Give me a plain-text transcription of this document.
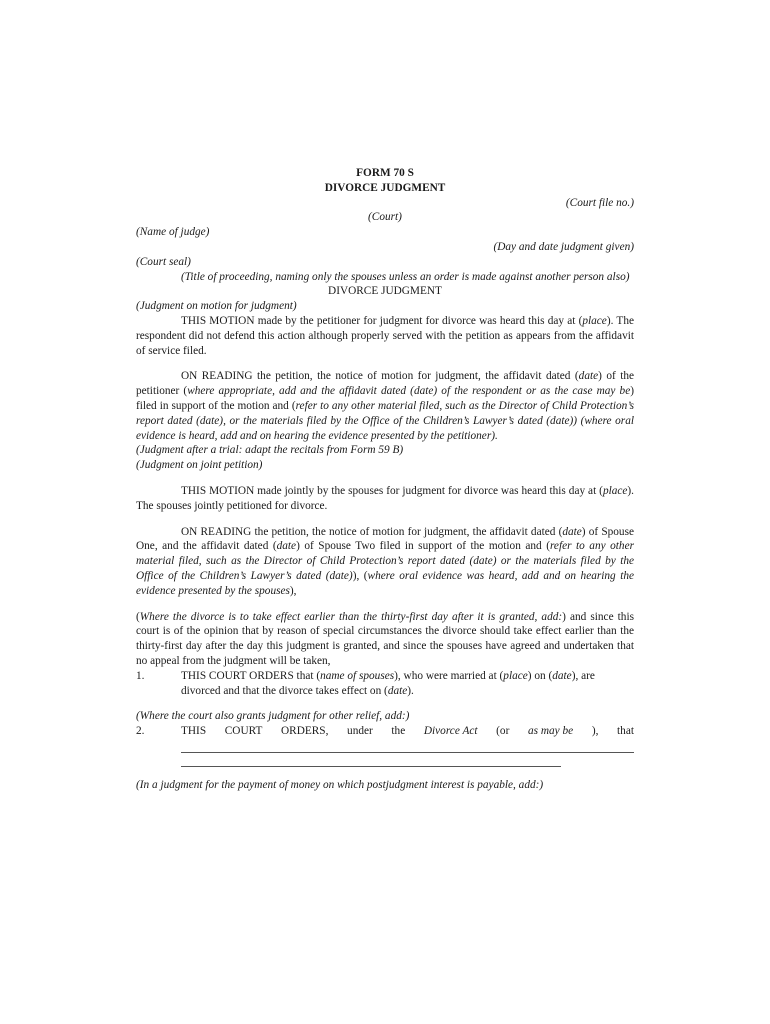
FORM 70 S

DIVORCE JUDGMENT

(Court file no.)

(Court)

(Name of judge)

(Day and date judgment given)

(Court seal)

(Title of proceeding, naming only the spouses unless an order is made against another person also)

DIVORCE JUDGMENT

(Judgment on motion for judgment)

THIS MOTION made by the petitioner for judgment for divorce was heard this day at (place). The respondent did not defend this action although properly served with the petition as appears from the affidavit of service filed.

ON READING the petition, the notice of motion for judgment, the affidavit dated (date) of the petitioner (where appropriate, add and the affidavit dated (date) of the respondent or as the case may be) filed in support of the motion and (refer to any other material filed, such as the Director of Child Protection’s report dated (date), or the materials filed by the Office of the Children’s Lawyer’s dated (date)) (where oral evidence is heard, add and on hearing the evidence presented by the petitioner).

(Judgment after a trial: adapt the recitals from Form 59 B)

(Judgment on joint petition)

THIS MOTION made jointly by the spouses for judgment for divorce was heard this day at (place). The spouses jointly petitioned for divorce.

ON READING the petition, the notice of motion for judgment, the affidavit dated (date) of Spouse One, and the affidavit dated (date) of Spouse Two filed in support of the motion and (refer to any other material filed, such as the Director of Child Protection’s report dated (date) or the materials filed by the Office of the Children’s Lawyer’s dated (date)), (where oral evidence was heard, add and on hearing the evidence presented by the spouses),

(Where the divorce is to take effect earlier than the thirty-first day after it is granted, add:) and since this court is of the opinion that by reason of special circumstances the divorce should take effect earlier than the thirty-first day after the day this judgment is granted, and since the spouses have agreed and undertaken that no appeal from the judgment will be taken,

1.	THIS COURT ORDERS that (name of spouses), who were married at (place) on (date), are divorced and that the divorce takes effect on (date).

(Where the court also grants judgment for other relief, add:)

2.	THIS COURT ORDERS, under the Divorce Act (or as may be ), that

(In a judgment for the payment of money on which postjudgment interest is payable, add:)
